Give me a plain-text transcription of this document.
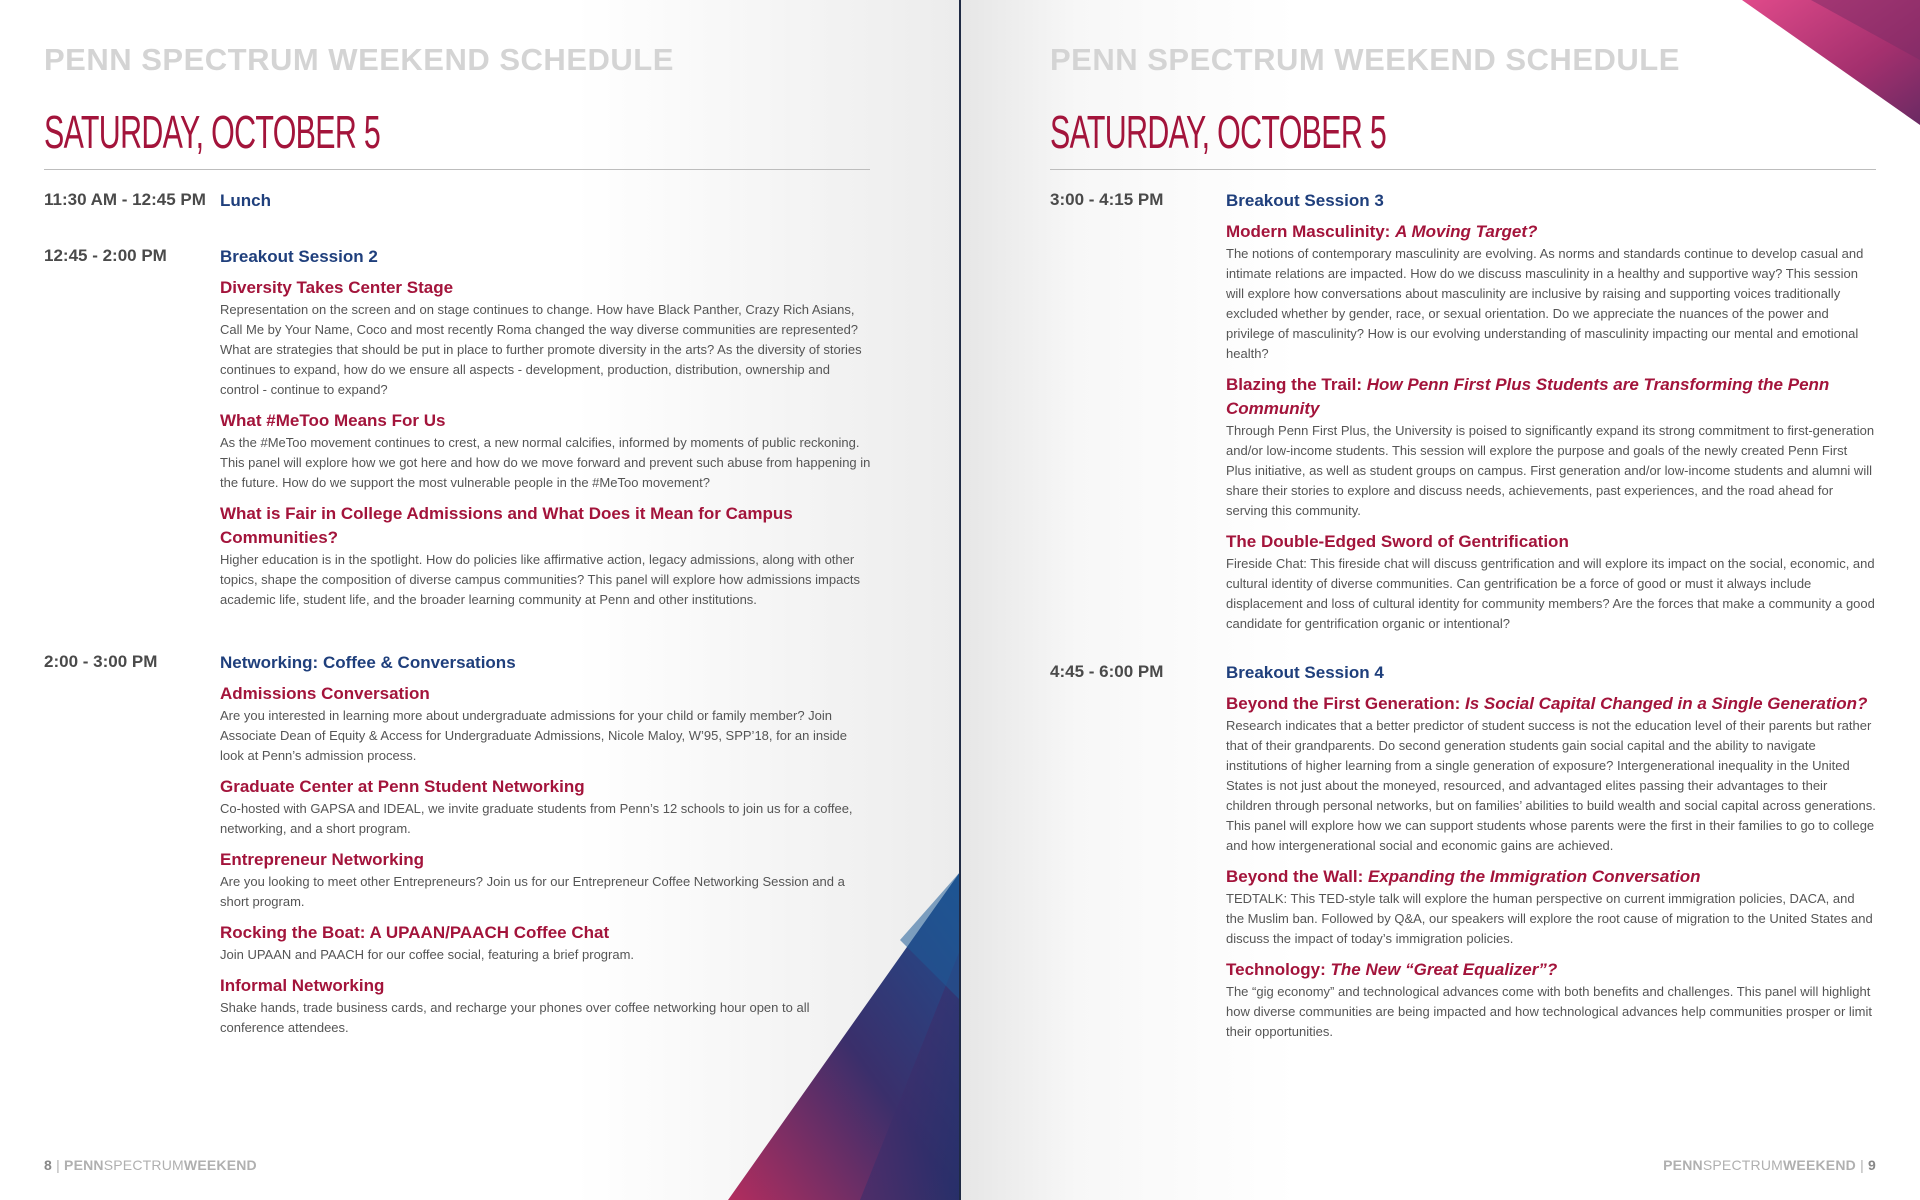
PENN SPECTRUM WEEKEND SCHEDULE
SATURDAY, OCTOBER 5
11:30 AM - 12:45 PM Lunch
12:45 - 2:00 PM	Breakout Session 2
Diversity Takes Center Stage
Representation on the screen and on stage continues to change. How have Black Panther, Crazy Rich Asians, Call Me by Your Name, Coco and most recently Roma changed the way diverse communities are represented? What are strategies that should be put in place to further promote diversity in the arts? As the diversity of stories continues to expand, how do we ensure all aspects - development, production, distribution, ownership and control - continue to expand?
What #MeToo Means For Us
As the #MeToo movement continues to crest, a new normal calcifies, informed by moments of public reckoning. This panel will explore how we got here and how do we move forward and prevent such abuse from happening in the future. How do we support the most vulnerable people in the #MeToo movement?
What is Fair in College Admissions and What Does it Mean for Campus Communities?
Higher education is in the spotlight. How do policies like affirmative action, legacy admissions, along with other topics, shape the composition of diverse campus communities? This panel will explore how admissions impacts academic life, student life, and the broader learning community at Penn and other institutions.
2:00 - 3:00 PM	Networking: Coffee & Conversations
Admissions Conversation
Are you interested in learning more about undergraduate admissions for your child or family member? Join Associate Dean of Equity & Access for Undergraduate Admissions, Nicole Maloy, W’95, SPP’18, for an inside look at Penn’s admission process.
Graduate Center at Penn Student Networking
Co-hosted with GAPSA and IDEAL, we invite graduate students from Penn’s 12 schools to join us for a coffee, networking, and a short program.
Entrepreneur Networking
Are you looking to meet other Entrepreneurs? Join us for our Entrepreneur Coffee Networking Session and a short program.
Rocking the Boat: A UPAAN/PAACH Coffee Chat
Join UPAAN and PAACH for our coffee social, featuring a brief program.
Informal Networking
Shake hands, trade business cards, and recharge your phones over coffee networking hour open to all conference attendees.
8 | PENNSPECTRUMWEEKEND
PENN SPECTRUM WEEKEND SCHEDULE
SATURDAY, OCTOBER 5
3:00 - 4:15 PM	Breakout Session 3
Modern Masculinity: A Moving Target?
The notions of contemporary masculinity are evolving. As norms and standards continue to develop casual and intimate relations are impacted. How do we discuss masculinity in a healthy and supportive way? This session will explore how conversations about masculinity are inclusive by raising and supporting voices traditionally excluded whether by gender, race, or sexual orientation. Do we appreciate the nuances of the power and privilege of masculinity? How is our evolving understanding of masculinity impacting our mental and emotional health?
Blazing the Trail: How Penn First Plus Students are Transforming the Penn Community
Through Penn First Plus, the University is poised to significantly expand its strong commitment to first-generation and/or low-income students. This session will explore the purpose and goals of the newly created Penn First Plus initiative, as well as student groups on campus. First generation and/or low-income students and alumni will share their stories to explore and discuss needs, achievements, past experiences, and the road ahead for serving this community.
The Double-Edged Sword of Gentrification
Fireside Chat: This fireside chat will discuss gentrification and will explore its impact on the social, economic, and cultural identity of diverse communities. Can gentrification be a force of good or must it always include displacement and loss of cultural identity for community members? Are the forces that make a community a good candidate for gentrification organic or intentional?
4:45 - 6:00 PM	Breakout Session 4
Beyond the First Generation: Is Social Capital Changed in a Single Generation?
Research indicates that a better predictor of student success is not the education level of their parents but rather that of their grandparents. Do second generation students gain social capital and the ability to navigate institutions of higher learning from a single generation of exposure? Intergenerational inequality in the United States is not just about the moneyed, resourced, and advantaged elites passing their advantages to their children through personal networks, but on families’ abilities to build wealth and social capital across generations. This panel will explore how we can support students whose parents were the first in their families to go to college and how intergenerational social and economic gains are achieved.
Beyond the Wall: Expanding the Immigration Conversation
TEDTALK: This TED-style talk will explore the human perspective on current immigration policies, DACA, and the Muslim ban. Followed by Q&A, our speakers will explore the root cause of migration to the United States and discuss the impact of today’s immigration policies.
Technology: The New “Great Equalizer”?
The “gig economy” and technological advances come with both benefits and challenges. This panel will highlight how diverse communities are being impacted and how technological advances help communities prosper or limit their opportunities.
PENNSPECTRUMWEEKEND | 9
